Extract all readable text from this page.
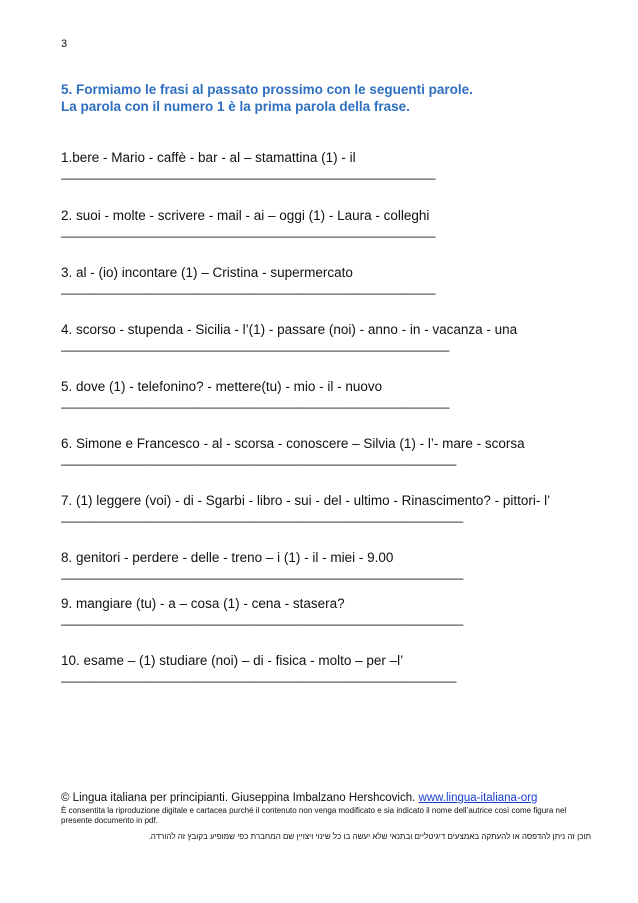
3
5. Formiamo le frasi al passato prossimo con le seguenti parole.
La parola con il numero 1 è la prima parola della frase.
1.bere - Mario - caffè - bar - al – stamattina (1) - il
______________________________________________________
2. suoi - molte - scrivere - mail - ai – oggi (1) - Laura - colleghi
______________________________________________________
3. al - (io) incontare (1) – Cristina - supermercato
______________________________________________________
4. scorso - stupenda - Sicilia - l’(1) - passare (noi) - anno - in - vacanza - una
________________________________________________________
5. dove (1) - telefonino? - mettere(tu) - mio - il - nuovo
________________________________________________________
6. Simone e Francesco - al - scorsa - conoscere – Silvia (1) - l’- mare - scorsa
_________________________________________________________
7. (1) leggere (voi) - di - Sgarbi - libro - sui - del - ultimo - Rinascimento? - pittori- l’
__________________________________________________________
8. genitori - perdere - delle - treno – i (1) - il - miei - 9.00
__________________________________________________________
9. mangiare (tu) - a – cosa (1) - cena - stasera?
__________________________________________________________
10. esame – (1) studiare (noi) – di - fisica - molto – per –l’
_________________________________________________________
© Lingua italiana per principianti. Giuseppina Imbalzano Hershcovich. www.lingua-italiana-org
È consentita la riproduzione digitale e cartacea purché il contenuto non venga modificato e sia indicato il nome dell’autrice così come figura nel presente documento in pdf.
תוכן זה ניתן להדפסה או להעתקה באמצעים דיגיטליים ובתנאי שלא יעשה בו כל שינוי ויצויין שם המחברת כפי שמופיע בקובץ זה להורדה.
